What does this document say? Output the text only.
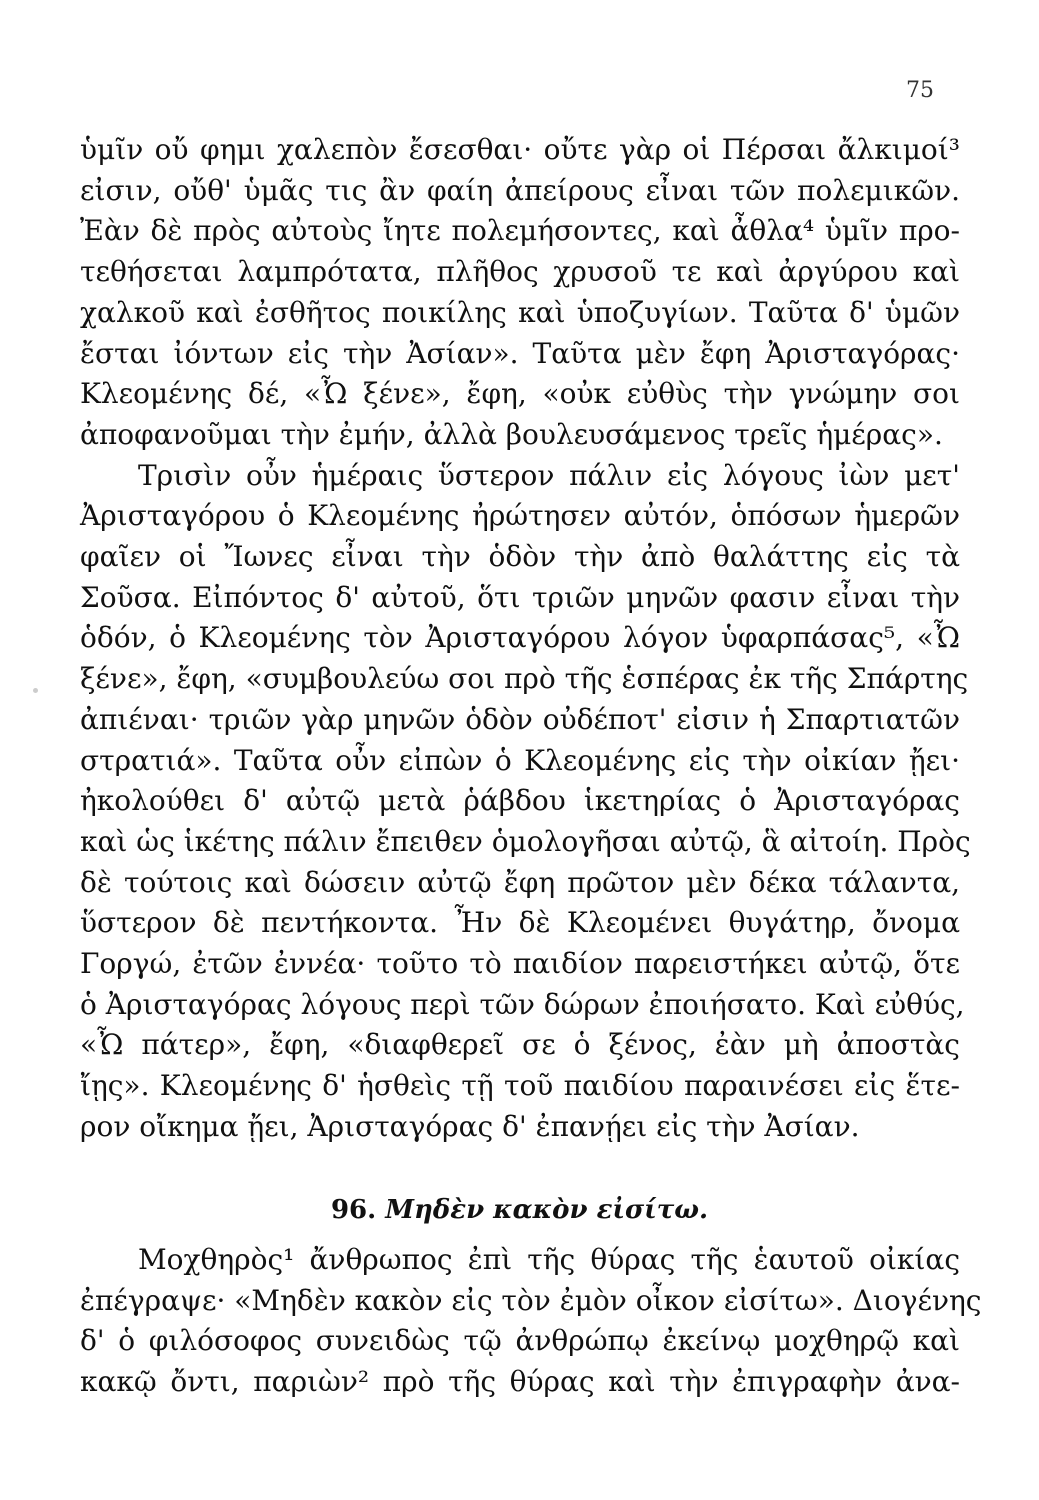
75
ὑμῖν οὔ φημι χαλεπὸν ἔσεσθαι· οὔτε γὰρ οἱ Πέρσαι ἄλκιμοί³
εἰσιν, οὔθ' ὑμᾶς τις ἂν φαίη ἀπείρους εἶναι τῶν πολεμικῶν.
Ἐὰν δὲ πρὸς αὐτοὺς ἴητε πολεμήσοντες, καὶ ἆθλα⁴ ὑμῖν προ-
τεθήσεται λαμπρότατα, πλῆθος χρυσοῦ τε καὶ ἀργύρου καὶ
χαλκοῦ καὶ ἐσθῆτος ποικίλης καὶ ὑποζυγίων. Ταῦτα δ' ὑμῶν
ἔσται ἰόντων εἰς τὴν Ἀσίαν». Ταῦτα μὲν ἔφη Ἀρισταγόρας·
Κλεομένης δέ, «Ὦ ξένε», ἔφη, «οὐκ εὐθὺς τὴν γνώμην σοι
ἀποφανοῦμαι τὴν ἐμήν, ἀλλὰ βουλευσάμενος τρεῖς ἡμέρας».
Τρισὶν οὖν ἡμέραις ὕστερον πάλιν εἰς λόγους ἰὼν μετ'
Ἀρισταγόρου ὁ Κλεομένης ἠρώτησεν αὐτόν, ὁπόσων ἡμερῶν
φαῖεν οἱ Ἴωνες εἶναι τὴν ὁδὸν τὴν ἀπὸ θαλάττης εἰς τὰ
Σοῦσα. Εἰπόντος δ' αὐτοῦ, ὅτι τριῶν μηνῶν φασιν εἶναι τὴν
ὁδόν, ὁ Κλεομένης τὸν Ἀρισταγόρου λόγον ὑφαρπάσας⁵, «Ὦ
ξένε», ἔφη, «συμβουλεύω σοι πρὸ τῆς ἑσπέρας ἐκ τῆς Σπάρτης
ἀπιέναι· τριῶν γὰρ μηνῶν ὁδὸν οὐδέποτ' εἰσιν ἡ Σπαρτιατῶν
στρατιά». Ταῦτα οὖν εἰπὼν ὁ Κλεομένης εἰς τὴν οἰκίαν ᾔει·
ἠκολούθει δ' αὐτῷ μετὰ ῥάβδου ἱκετηρίας ὁ Ἀρισταγόρας
καὶ ὡς ἱκέτης πάλιν ἔπειθεν ὁμολογῆσαι αὐτῷ, ἃ αἰτοίη. Πρὸς
δὲ τούτοις καὶ δώσειν αὐτῷ ἔφη πρῶτον μὲν δέκα τάλαντα,
ὕστερον δὲ πεντήκοντα. Ἦν δὲ Κλεομένει θυγάτηρ, ὄνομα
Γοργώ, ἐτῶν ἐννέα· τοῦτο τὸ παιδίον παρειστήκει αὐτῷ, ὅτε
ὁ Ἀρισταγόρας λόγους περὶ τῶν δώρων ἐποιήσατο. Καὶ εὐθύς,
«Ὦ πάτερ», ἔφη, «διαφθερεῖ σε ὁ ξένος, ἐὰν μὴ ἀποστὰς
ἴῃς». Κλεομένης δ' ἡσθεὶς τῇ τοῦ παιδίου παραινέσει εἰς ἕτε-
ρον οἴκημα ᾔει, Ἀρισταγόρας δ' ἐπανῄει εἰς τὴν Ἀσίαν.
96. Μηδὲν κακὸν εἰσίτω.
Μοχθηρὸς¹ ἄνθρωπος ἐπὶ τῆς θύρας τῆς ἑαυτοῦ οἰκίας
ἐπέγραψε· «Μηδὲν κακὸν εἰς τὸν ἐμὸν οἶκον εἰσίτω». Διογένης
δ' ὁ φιλόσοφος συνειδὼς τῷ ἀνθρώπῳ ἐκείνῳ μοχθηρῷ καὶ
κακῷ ὄντι, παριὼν² πρὸ τῆς θύρας καὶ τὴν ἐπιγραφὴν ἀνα-
